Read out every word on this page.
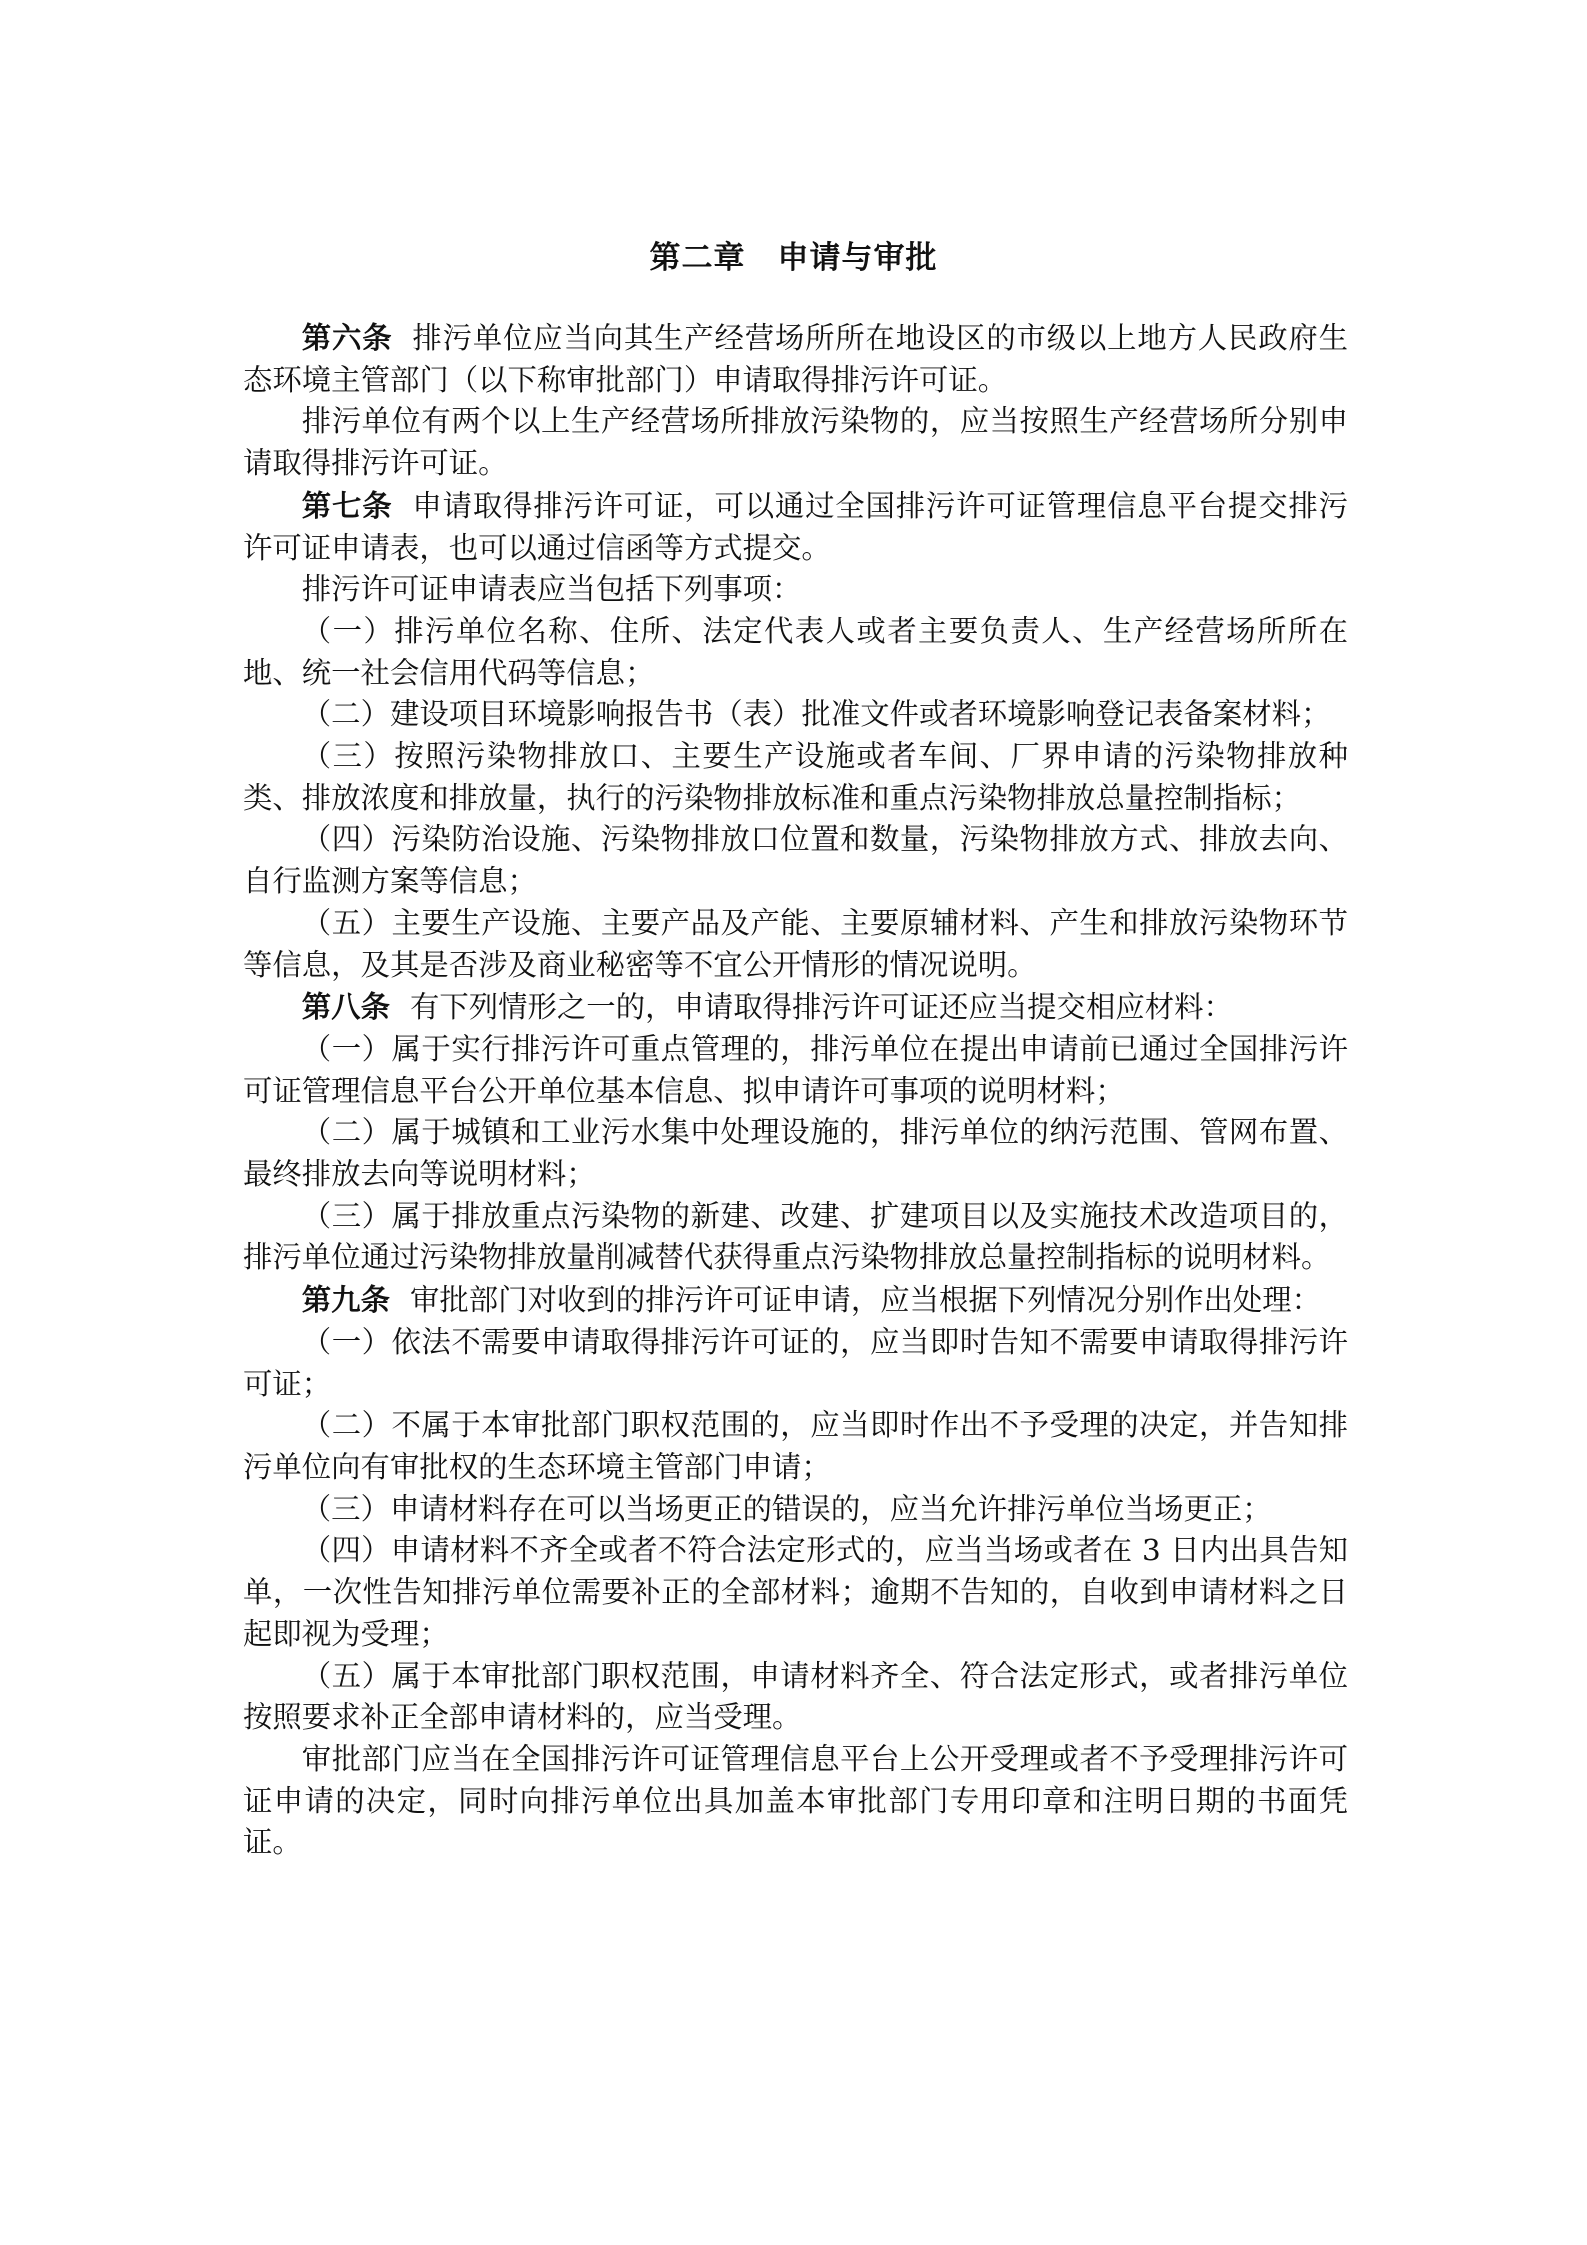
第二章　申请与审批

第六条 排污单位应当向其生产经营场所所在地设区的市级以上地方人民政府生态环境主管部门（以下称审批部门）申请取得排污许可证。

排污单位有两个以上生产经营场所排放污染物的，应当按照生产经营场所分别申请取得排污许可证。

第七条 申请取得排污许可证，可以通过全国排污许可证管理信息平台提交排污许可证申请表，也可以通过信函等方式提交。

排污许可证申请表应当包括下列事项：

（一）排污单位名称、住所、法定代表人或者主要负责人、生产经营场所所在地、统一社会信用代码等信息；

（二）建设项目环境影响报告书（表）批准文件或者环境影响登记表备案材料；

（三）按照污染物排放口、主要生产设施或者车间、厂界申请的污染物排放种类、排放浓度和排放量，执行的污染物排放标准和重点污染物排放总量控制指标；

（四）污染防治设施、污染物排放口位置和数量，污染物排放方式、排放去向、自行监测方案等信息；

（五）主要生产设施、主要产品及产能、主要原辅材料、产生和排放污染物环节等信息，及其是否涉及商业秘密等不宜公开情形的情况说明。

第八条 有下列情形之一的，申请取得排污许可证还应当提交相应材料：

（一）属于实行排污许可重点管理的，排污单位在提出申请前已通过全国排污许可证管理信息平台公开单位基本信息、拟申请许可事项的说明材料；

（二）属于城镇和工业污水集中处理设施的，排污单位的纳污范围、管网布置、最终排放去向等说明材料；

（三）属于排放重点污染物的新建、改建、扩建项目以及实施技术改造项目的，排污单位通过污染物排放量削减替代获得重点污染物排放总量控制指标的说明材料。

第九条 审批部门对收到的排污许可证申请，应当根据下列情况分别作出处理：

（一）依法不需要申请取得排污许可证的，应当即时告知不需要申请取得排污许可证；

（二）不属于本审批部门职权范围的，应当即时作出不予受理的决定，并告知排污单位向有审批权的生态环境主管部门申请；

（三）申请材料存在可以当场更正的错误的，应当允许排污单位当场更正；

（四）申请材料不齐全或者不符合法定形式的，应当当场或者在 3 日内出具告知单，一次性告知排污单位需要补正的全部材料；逾期不告知的，自收到申请材料之日起即视为受理；

（五）属于本审批部门职权范围，申请材料齐全、符合法定形式，或者排污单位按照要求补正全部申请材料的，应当受理。

审批部门应当在全国排污许可证管理信息平台上公开受理或者不予受理排污许可证申请的决定，同时向排污单位出具加盖本审批部门专用印章和注明日期的书面凭证。
